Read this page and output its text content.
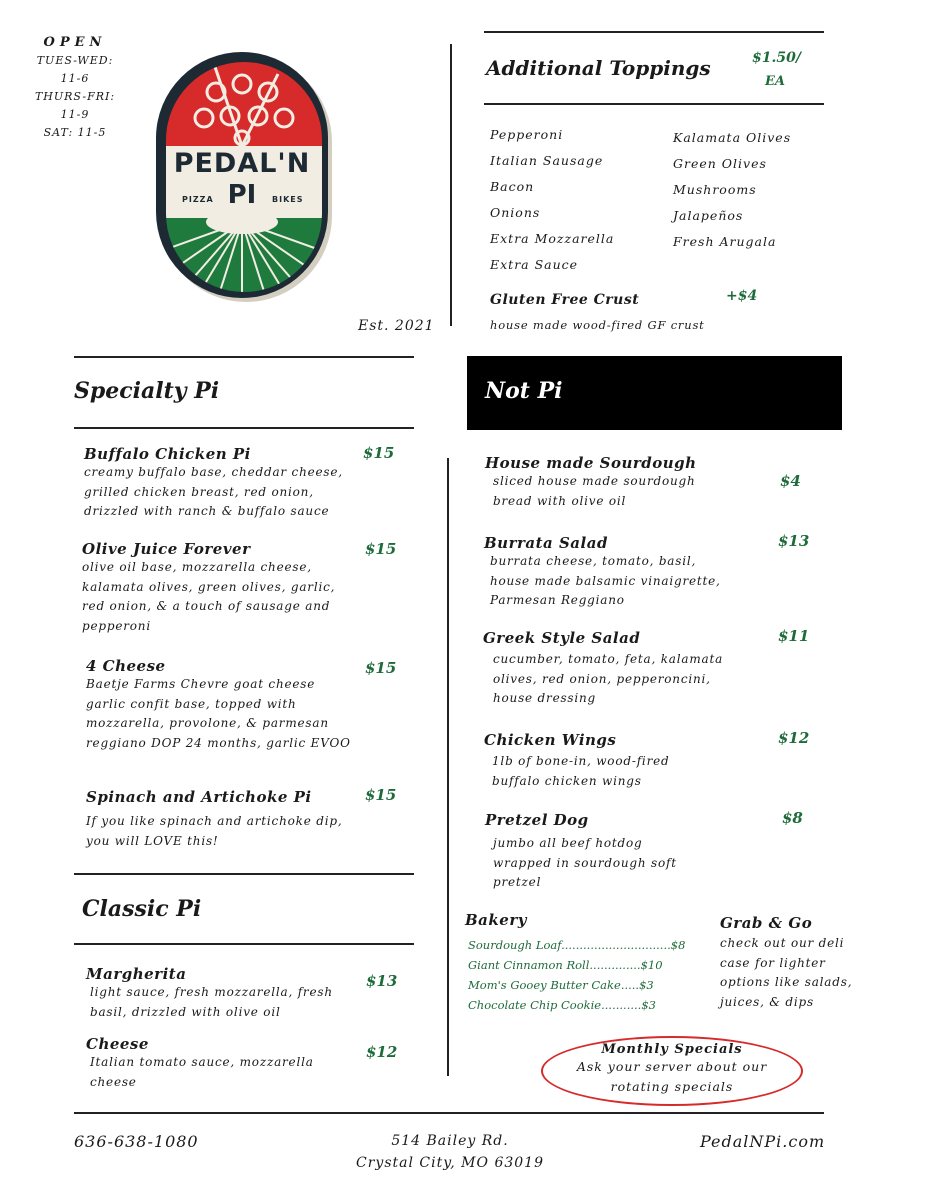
OPEN
TUES-WED:
11-6
THURS-FRI:
11-9
SAT: 11-5
PEDAL'N
PI
PIZZA	BIKES
Est. 2021
Additional Toppings	$1.50/
EA
Pepperoni
Italian Sausage
Bacon
Onions
Extra Mozzarella
Extra Sauce
Kalamata Olives
Green Olives
Mushrooms
Jalapeños
Fresh Arugala
Gluten Free Crust	+$4
house made wood-fired GF crust
Specialty Pi
Buffalo Chicken Pi
creamy buffalo base, cheddar cheese,
grilled chicken breast, red onion,
drizzled with ranch & buffalo sauce
$15
Olive Juice Forever
olive oil base, mozzarella cheese,
kalamata olives, green olives, garlic,
red onion, & a touch of sausage and
pepperoni
$15
4 Cheese
Baetje Farms Chevre goat cheese
garlic confit base, topped with
mozzarella, provolone, & parmesan
reggiano DOP 24 months, garlic EVOO
$15
Spinach and Artichoke Pi
If you like spinach and artichoke dip,
you will LOVE this!
$15
Classic Pi
Margherita
light sauce, fresh mozzarella, fresh
basil, drizzled with olive oil
$13
Cheese
Italian tomato sauce, mozzarella
cheese
$12
Not Pi
House made Sourdough
sliced house made sourdough
bread with olive oil
$4
Burrata Salad
burrata cheese, tomato, basil,
house made balsamic vinaigrette,
Parmesan Reggiano
$13
Greek Style Salad
cucumber, tomato, feta, kalamata
olives, red onion, pepperoncini,
house dressing
$11
Chicken Wings
1lb of bone-in, wood-fired
buffalo chicken wings
$12
Pretzel Dog
jumbo all beef hotdog
wrapped in sourdough soft
pretzel
$8
Bakery
Sourdough Loaf..............................$8
Giant Cinnamon Roll..............$10
Mom's Gooey Butter Cake.....$3
Chocolate Chip Cookie...........$3
Grab & Go
check out our deli
case for lighter
options like salads,
juices, & dips
Monthly Specials
Ask your server about our
rotating specials
636-638-1080	514 Bailey Rd.
Crystal City, MO 63019
PedalNPi.com
